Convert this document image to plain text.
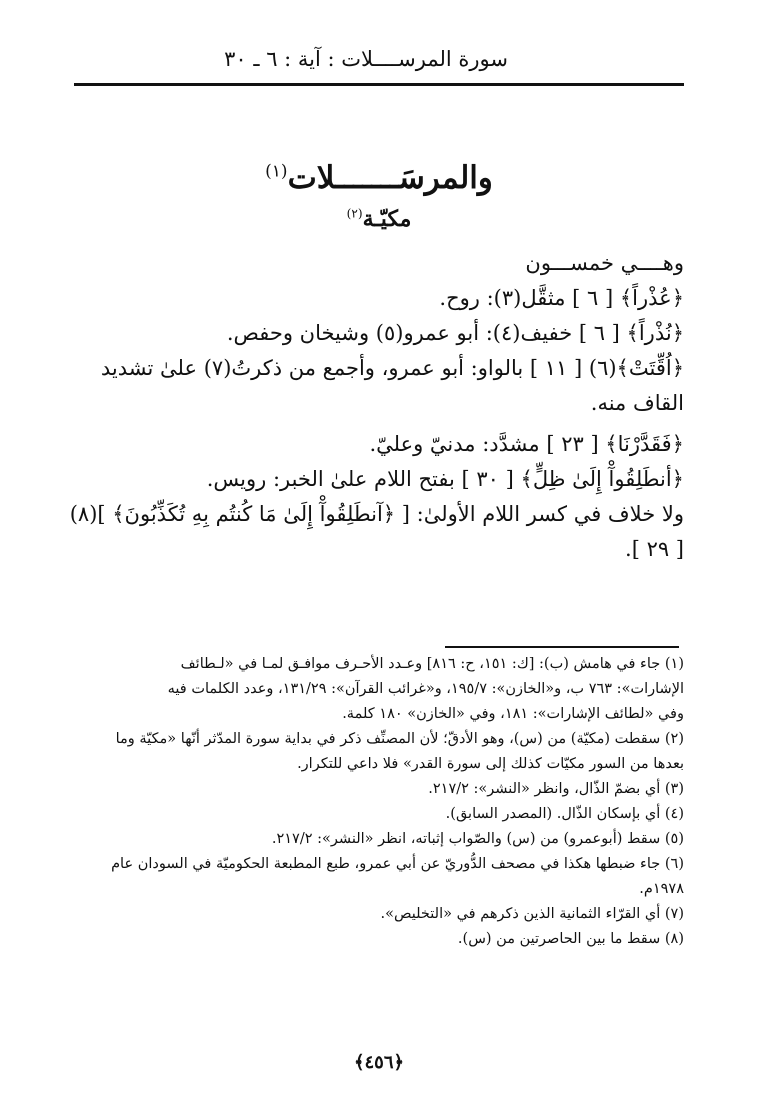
سورة المرســــلات : آية : ٦ ـ ٣٠
والمرسَـــــــلات$^{(١)}$
مكيّـة$^{(٢)}$
وهــــي خمســـون
﴿عُذْراً﴾ [ ٦ ] مثقَّل(٣): روح.
﴿نُذْراً﴾ [ ٦ ] خفيف(٤): أبو عمرو(٥) وشيخان وحفص.
﴿اُقِّتَتْ﴾(٦) [ ١١ ] بالواو: أبو عمرو، وأجمع من ذكرتُ(٧) علىٰ تشديد
القاف منه.
﴿فَقَدَّرْنَا﴾ [ ٢٣ ] مشدَّد: مدنيّ وعليّ.
﴿أنطَلِقُوآْ إِلَىٰ ظِلٍّ﴾ [ ٣٠ ] بفتح اللام علىٰ الخبر: رويس.
ولا خلاف في كسر اللام الأولىٰ: [ ﴿آنطَلِقُوآْ إِلَىٰ مَا كُنتُم بِهِ تُكَذِّبُونَ﴾ ](٨)
[ ٢٩ ].
(١) جاء في هامش (ب): [ك: ١٥١، ح: ٨١٦] وعـدد الأحـرف موافـق لمـا في «لـطائف
الإشارات»: ٧٦٣ ب، و«الخازن»: ١٩٥/٧، و«غرائب القرآن»: ١٣١/٢٩، وعدد الكلمات فيه
وفي «لطائف الإشارات»: ١٨١، وفي «الخازن» ١٨٠ كلمة.
(٢) سقطت (مكيّة) من (س)، وهو الأدقّ؛ لأن المصنِّف ذكر في بداية سورة المدّثر أنّها «مكيّة وما
بعدها من السور مكيّات كذلك إلى سورة القدر» فلا داعي للتكرار.
(٣) أي بضمّ الذّال، وانظر «النشر»: ٢١٧/٢.
(٤) أي بإسكان الذّال. (المصدر السابق).
(٥) سقط (أبوعمرو) من (س) والصّواب إثباته، انظر «النشر»: ٢١٧/٢.
(٦) جاء ضبطها هكذا في مصحف الدُّوريّ عن أبي عمرو، طبع المطبعة الحكوميّة في السودان عام
١٩٧٨م.
(٧) أي القرّاء الثمانية الذين ذكرهم في «التخليص».
(٨) سقط ما بين الحاصرتين من (س).
﴿٤٥٦﴾
